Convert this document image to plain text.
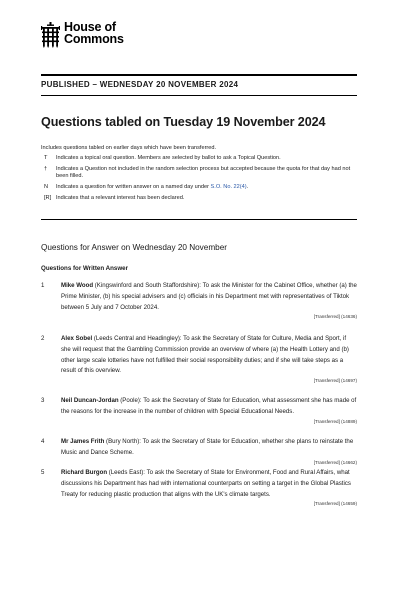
House of
Commons
PUBLISHED – WEDNESDAY 20 NOVEMBER 2024
Questions tabled on Tuesday 19 November 2024
Includes questions tabled on earlier days which have been transferred.
T	Indicates a topical oral question. Members are selected by ballot to ask a Topical Question.
†	Indicates a Question not included in the random selection process but accepted because the quota for that day had not been filled.
N	Indicates a question for written answer on a named day under S.O. No. 22(4).
[R] Indicates that a relevant interest has been declared.
Questions for Answer on Wednesday 20 November
Questions for Written Answer
1	Mike Wood (Kingswinford and South Staffordshire): To ask the Minister for the Cabinet Office, whether (a) the Prime Minister, (b) his special advisers and (c) officials in his Department met with representatives of Tiktok between 5 July and 7 October 2024.
[Transferred] (14636)
2	Alex Sobel (Leeds Central and Headingley): To ask the Secretary of State for Culture, Media and Sport, if she will request that the Gambling Commission provide an overview of where (a) the Health Lottery and (b) other large scale lotteries have not fulfilled their social responsibility duties; and if she will take steps as a result of this overview.
[Transferred] (14697)
3	Neil Duncan-Jordan (Poole): To ask the Secretary of State for Education, what assessment she has made of the reasons for the increase in the number of children with Special Educational Needs.
[Transferred] (14889)
4	Mr James Frith (Bury North): To ask the Secretary of State for Education, whether she plans to reinstate the Music and Dance Scheme.
[Transferred] (14662)
5	Richard Burgon (Leeds East): To ask the Secretary of State for Environment, Food and Rural Affairs, what discussions his Department has had with international counterparts on setting a target in the Global Plastics Treaty for reducing plastic production that aligns with the UK's climate targets.
[Transferred] (14659)
